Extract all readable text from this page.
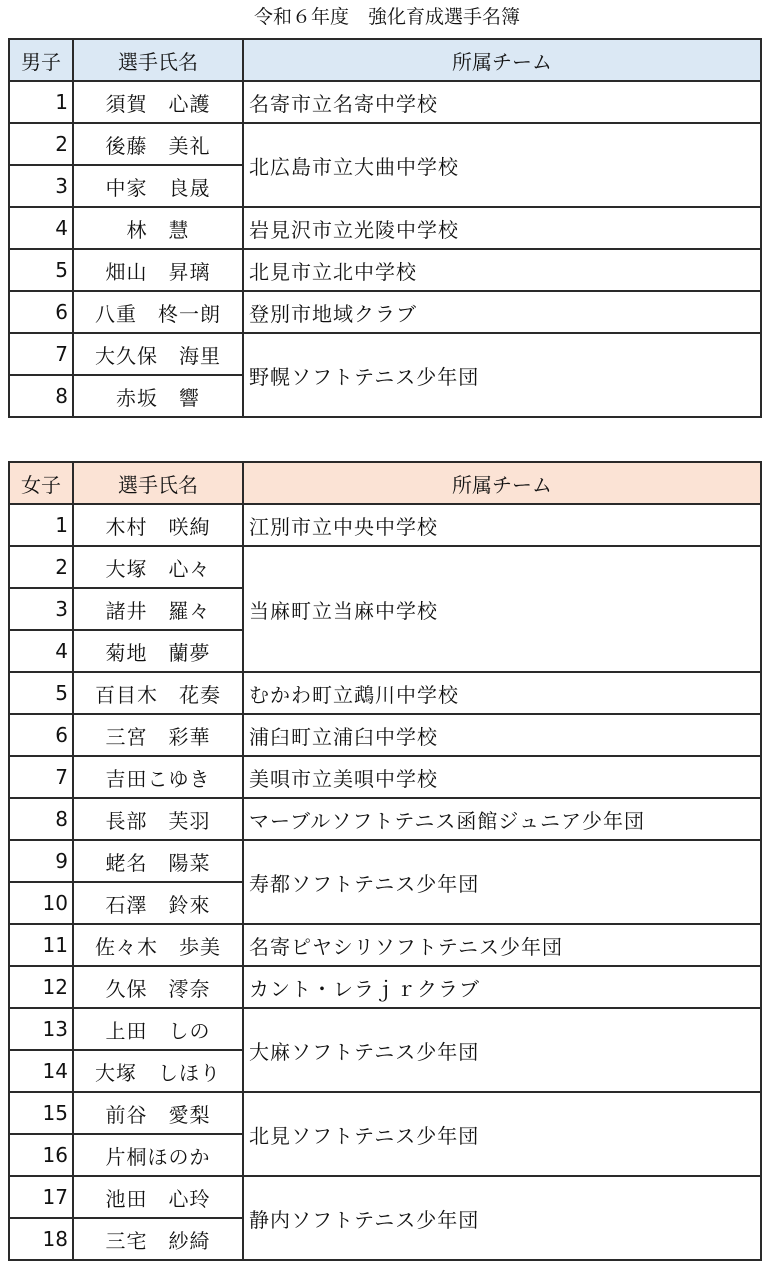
令和６年度　強化育成選手名簿
男子	選手氏名	所属チーム
1	須賀　心護	名寄市立名寄中学校
2	後藤　美礼	北広島市立大曲中学校
3	中家　良晟	
4	林　慧	岩見沢市立光陵中学校
5	畑山　昇璃	北見市立北中学校
6	八重　柊一朗	登別市地域クラブ
7	大久保　海里	野幌ソフトテニス少年団
8	赤坂　響	
女子	選手氏名	所属チーム
1	木村　咲絢	江別市立中央中学校
2	大塚　心々	当麻町立当麻中学校
3	諸井　羅々	
4	菊地　蘭夢	
5	百目木　花奏	むかわ町立鵡川中学校
6	三宮　彩華	浦臼町立浦臼中学校
7	吉田こゆき	美唄市立美唄中学校
8	長部　芙羽	マーブルソフトテニス函館ジュニア少年団
9	蛯名　陽菜	寿都ソフトテニス少年団
10	石澤　鈴來	
11	佐々木　歩美	名寄ピヤシリソフトテニス少年団
12	久保　澪奈	カント・レラｊｒクラブ
13	上田　しの	大麻ソフトテニス少年団
14	大塚　しほり	
15	前谷　愛梨	北見ソフトテニス少年団
16	片桐ほのか	
17	池田　心玲	静内ソフトテニス少年団
18	三宅　紗綺	
